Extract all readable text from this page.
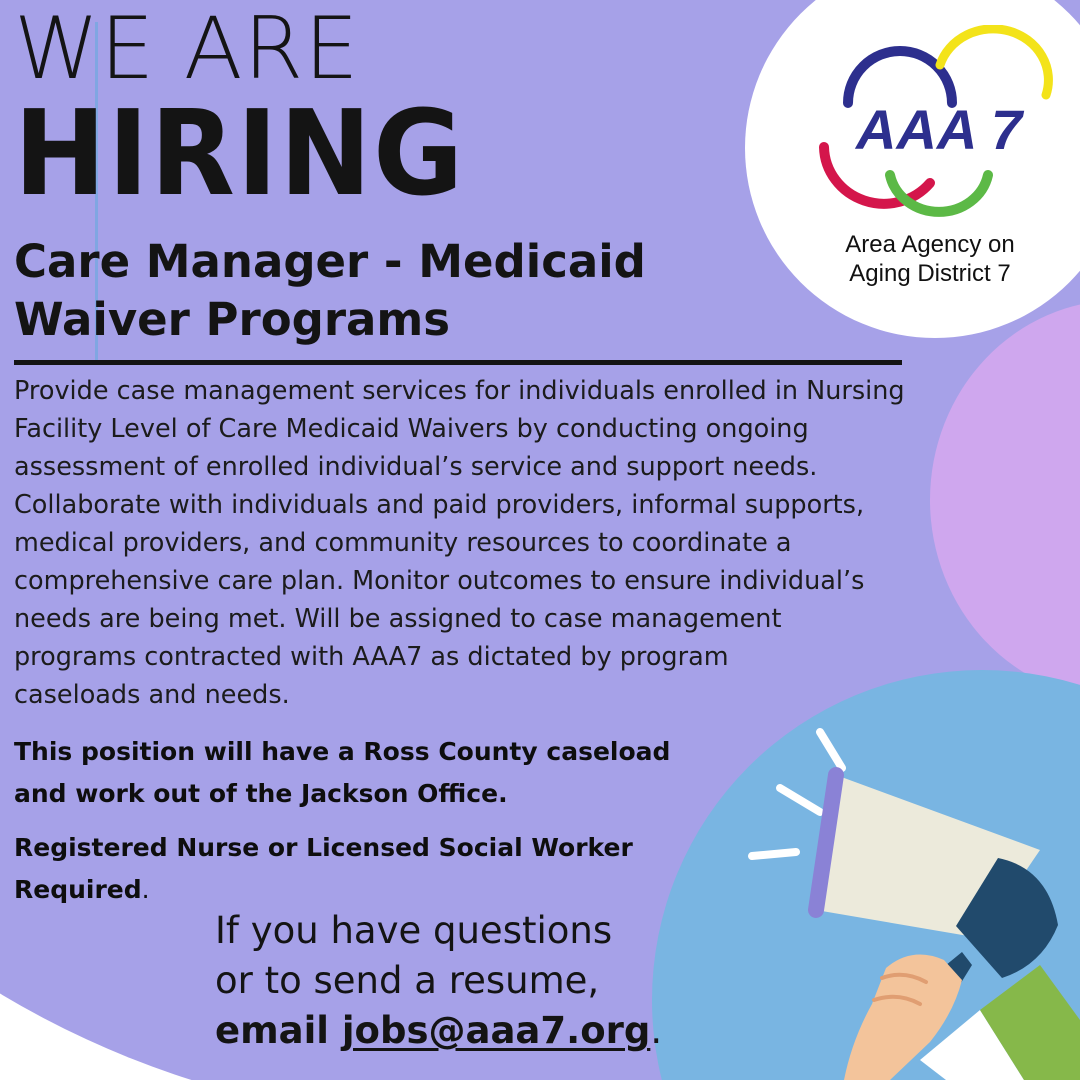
WE ARE
HIRING
Care Manager - Medicaid
Waiver Programs

Provide case management services for individuals enrolled in Nursing
Facility Level of Care Medicaid Waivers by conducting ongoing
assessment of enrolled individual’s service and support needs.
Collaborate with individuals and paid providers, informal supports,
medical providers, and community resources to coordinate a
comprehensive care plan. Monitor outcomes to ensure individual’s
needs are being met. Will be assigned to case management
programs contracted with AAA7 as dictated by program
caseloads and needs.

This position will have a Ross County caseload
and work out of the Jackson Office.

Registered Nurse or Licensed Social Worker
Required.

If you have questions
or to send a resume,
email jobs@aaa7.org.

AAA 7
Area Agency on
Aging District 7
